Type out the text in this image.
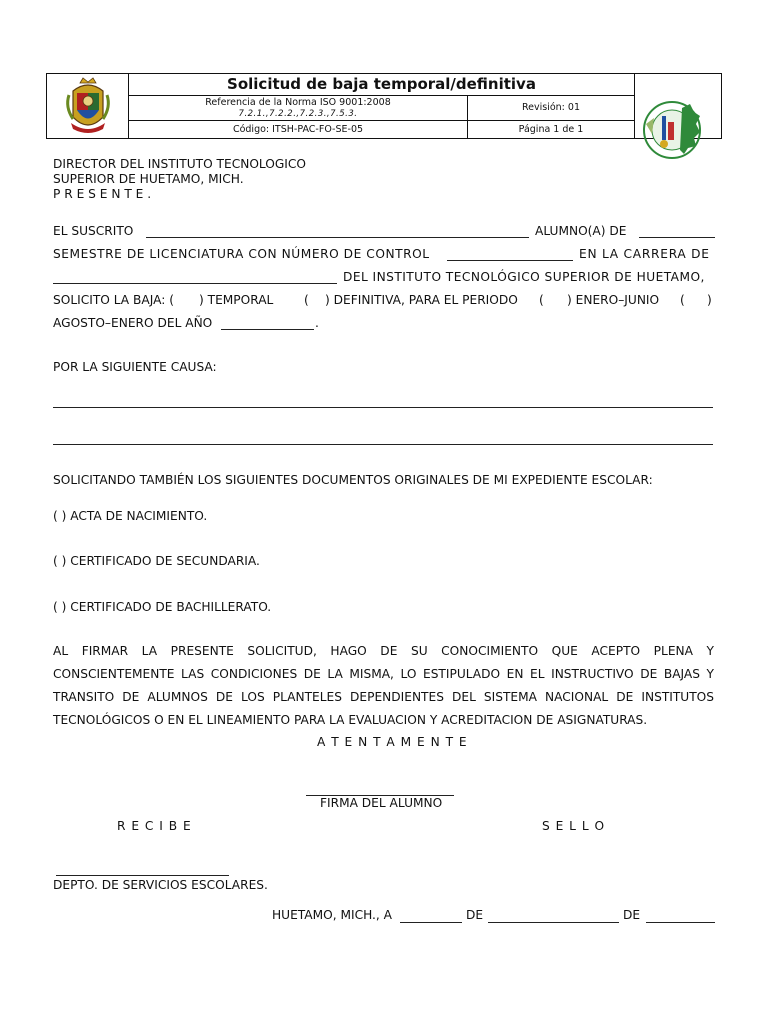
Solicitud de baja temporal/definitiva
Referencia de la Norma ISO 9001:2008
7.2.1.,7.2.2.,7.2.3.,7.5.3.
Revisión: 01
Código: ITSH-PAC-FO-SE-05	Página 1 de 1
DIRECTOR DEL INSTITUTO TECNOLOGICO
SUPERIOR DE HUETAMO, MICH.
P R E S E N T E .
EL SUSCRITO	ALUMNO(A) DE
SEMESTRE DE LICENCIATURA CON NÚMERO DE CONTROL	EN LA CARRERA DE
DEL INSTITUTO TECNOLÓGICO SUPERIOR DE HUETAMO,
SOLICITO LA BAJA: ( ) TEMPORAL	( ) DEFINITIVA, PARA EL PERIODO ( ) ENERO–JUNIO ( )
AGOSTO–ENERO DEL AÑO	.
POR LA SIGUIENTE CAUSA:
SOLICITANDO TAMBIÉN LOS SIGUIENTES DOCUMENTOS ORIGINALES DE MI EXPEDIENTE ESCOLAR:
( ) ACTA DE NACIMIENTO.
( ) CERTIFICADO DE SECUNDARIA.
( ) CERTIFICADO DE BACHILLERATO.
AL FIRMAR LA PRESENTE SOLICITUD, HAGO DE SU CONOCIMIENTO QUE ACEPTO PLENA Y
CONSCIENTEMENTE LAS CONDICIONES DE LA MISMA, LO ESTIPULADO EN EL INSTRUCTIVO DE BAJAS Y
TRANSITO DE ALUMNOS DE LOS PLANTELES DEPENDIENTES DEL SISTEMA NACIONAL DE INSTITUTOS
TECNOLÓGICOS O EN EL LINEAMIENTO PARA LA EVALUACION Y ACREDITACION DE ASIGNATURAS.
A T E N T A M E N T E
FIRMA DEL ALUMNO
R E C I B E	S E L L O
DEPTO. DE SERVICIOS ESCOLARES.
HUETAMO, MICH., A	DE	DE
